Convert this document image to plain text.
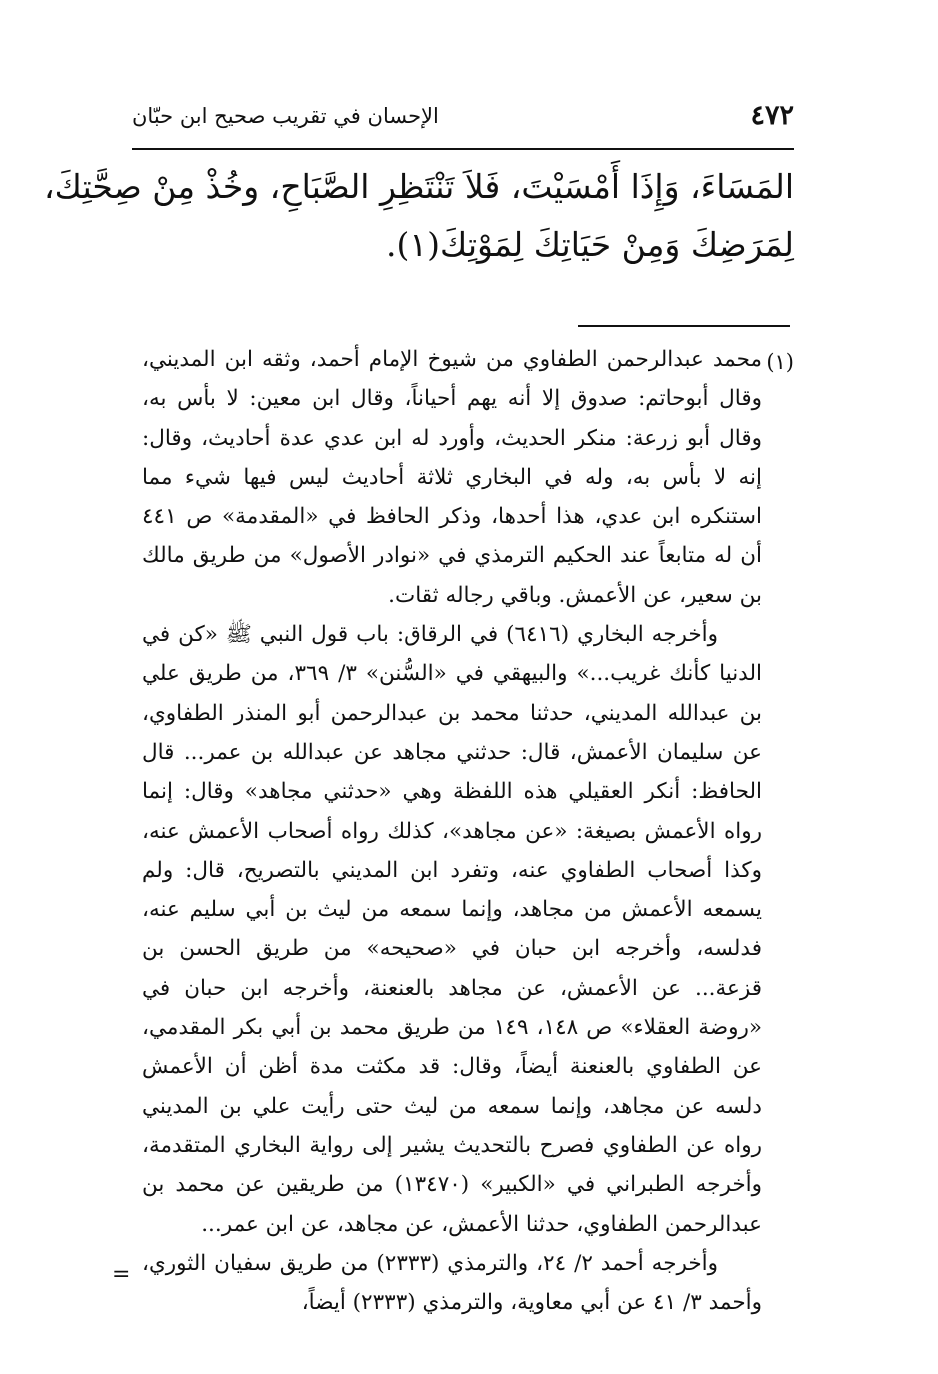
٤٧٢
الإحسان في تقريب صحيح ابن حبّان
المَسَاءَ، وَإِذَا أَمْسَيْتَ، فَلاَ تَنْتَظِرِ الصَّبَاحِ، وخُذْ مِنْ صِحَّتِكَ،
لِمَرَضِكَ وَمِنْ حَيَاتِكَ لِمَوْتِكَ(١).
(١)

محمد عبدالرحمن الطفاوي من شيوخ الإمام أحمد، وثقه ابن المديني، وقال أبوحاتم: صدوق إلا أنه يهم أحياناً، وقال ابن معين: لا بأس به، وقال أبو زرعة: منكر الحديث، وأورد له ابن عدي عدة أحاديث، وقال: إنه لا بأس به، وله في البخاري ثلاثة أحاديث ليس فيها شيء مما استنكره ابن عدي، هذا أحدها، وذكر الحافظ في «المقدمة» ص ٤٤١ أن له متابعاً عند الحكيم الترمذي في «نوادر الأصول» من طريق مالك بن سعير، عن الأعمش. وباقي رجاله ثقات.

وأخرجه البخاري (٦٤١٦) في الرقاق: باب قول النبي ﷺ «كن في الدنيا كأنك غريب...» والبيهقي في «السُّنن» ٣/ ٣٦٩، من طريق علي بن عبدالله المديني، حدثنا محمد بن عبدالرحمن أبو المنذر الطفاوي، عن سليمان الأعمش، قال: حدثني مجاهد عن عبدالله بن عمر... قال الحافظ: أنكر العقيلي هذه اللفظة وهي «حدثني مجاهد» وقال: إنما رواه الأعمش بصيغة: «عن مجاهد»، كذلك رواه أصحاب الأعمش عنه، وكذا أصحاب الطفاوي عنه، وتفرد ابن المديني بالتصريح، قال: ولم يسمعه الأعمش من مجاهد، وإنما سمعه من ليث بن أبي سليم عنه، فدلسه، وأخرجه ابن حبان في «صحيحه» من طريق الحسن بن قزعة... عن الأعمش، عن مجاهد بالعنعنة، وأخرجه ابن حبان في «روضة العقلاء» ص ١٤٨، ١٤٩ من طريق محمد بن أبي بكر المقدمي، عن الطفاوي بالعنعنة أيضاً، وقال: قد مكثت مدة أظن أن الأعمش دلسه عن مجاهد، وإنما سمعه من ليث حتى رأيت علي بن المديني رواه عن الطفاوي فصرح بالتحديث يشير إلى رواية البخاري المتقدمة، وأخرجه الطبراني في «الكبير» (١٣٤٧٠) من طريقين عن محمد بن عبدالرحمن الطفاوي، حدثنا الأعمش، عن مجاهد، عن ابن عمر...

وأخرجه أحمد ٢/ ٢٤، والترمذي (٢٣٣٣) من طريق سفيان الثوري، وأحمد ٣/ ٤١ عن أبي معاوية، والترمذي (٢٣٣٣) أيضاً،

=
